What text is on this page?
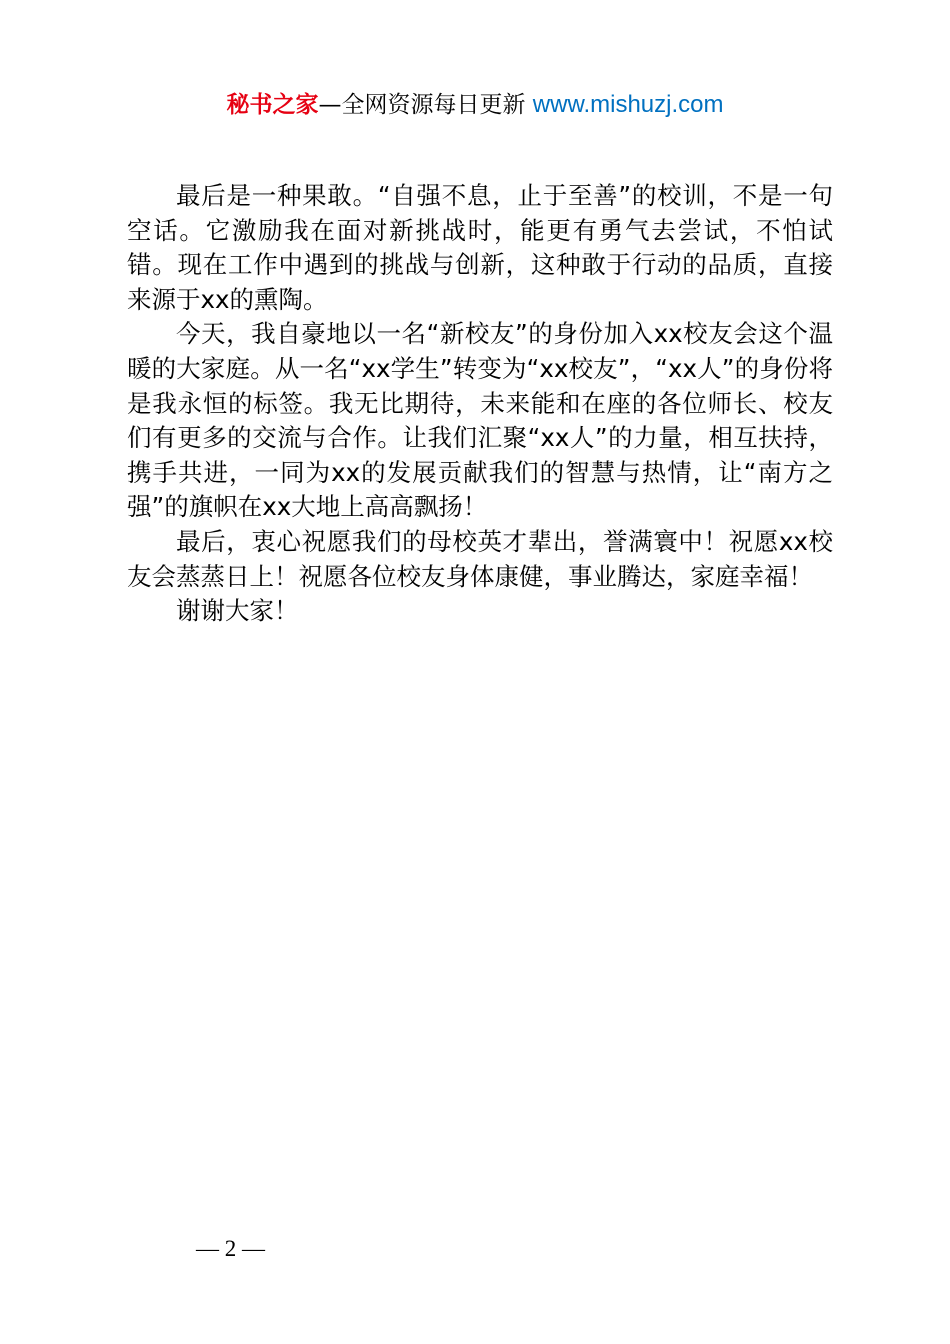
秘书之家—全网资源每日更新 www.mishuzj.com

最后是一种果敢。“自强不息，止于至善”的校训，不是一句空话。它激励我在面对新挑战时，能更有勇气去尝试，不怕试错。现在工作中遇到的挑战与创新，这种敢于行动的品质，直接来源于xx的熏陶。

今天，我自豪地以一名“新校友”的身份加入xx校友会这个温暖的大家庭。从一名“xx学生”转变为“xx校友”，“xx人”的身份将是我永恒的标签。我无比期待，未来能和在座的各位师长、校友们有更多的交流与合作。让我们汇聚“xx人”的力量，相互扶持，携手共进，一同为xx的发展贡献我们的智慧与热情，让“南方之强”的旗帜在xx大地上高高飘扬！

最后，衷心祝愿我们的母校英才辈出，誉满寰中！祝愿xx校友会蒸蒸日上！祝愿各位校友身体康健，事业腾达，家庭幸福！

谢谢大家！

— 2 —
